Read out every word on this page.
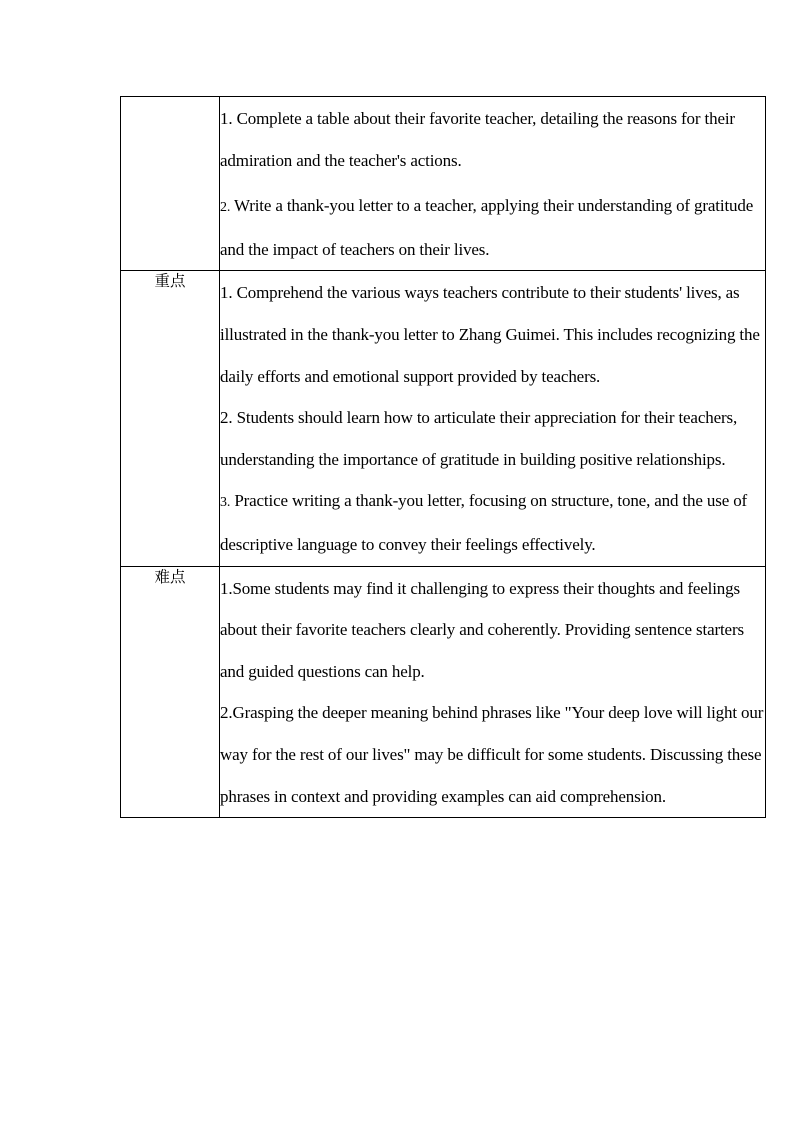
	1. Complete a table about their favorite teacher, detailing the reasons for their admiration and the teacher's actions.

2. Write a thank-you letter to a teacher, applying their understanding of gratitude and the impact of teachers on their lives.

重点	1. Comprehend the various ways teachers contribute to their students' lives, as illustrated in the thank-you letter to Zhang Guimei. This includes recognizing the daily efforts and emotional support provided by teachers.

2. Students should learn how to articulate their appreciation for their teachers, understanding the importance of gratitude in building positive relationships.

3. Practice writing a thank-you letter, focusing on structure, tone, and the use of descriptive language to convey their feelings effectively.

难点	1.Some students may find it challenging to express their thoughts and feelings about their favorite teachers clearly and coherently. Providing sentence starters and guided questions can help.

2.Grasping the deeper meaning behind phrases like "Your deep love will light our way for the rest of our lives" may be difficult for some students. Discussing these phrases in context and providing examples can aid comprehension.
